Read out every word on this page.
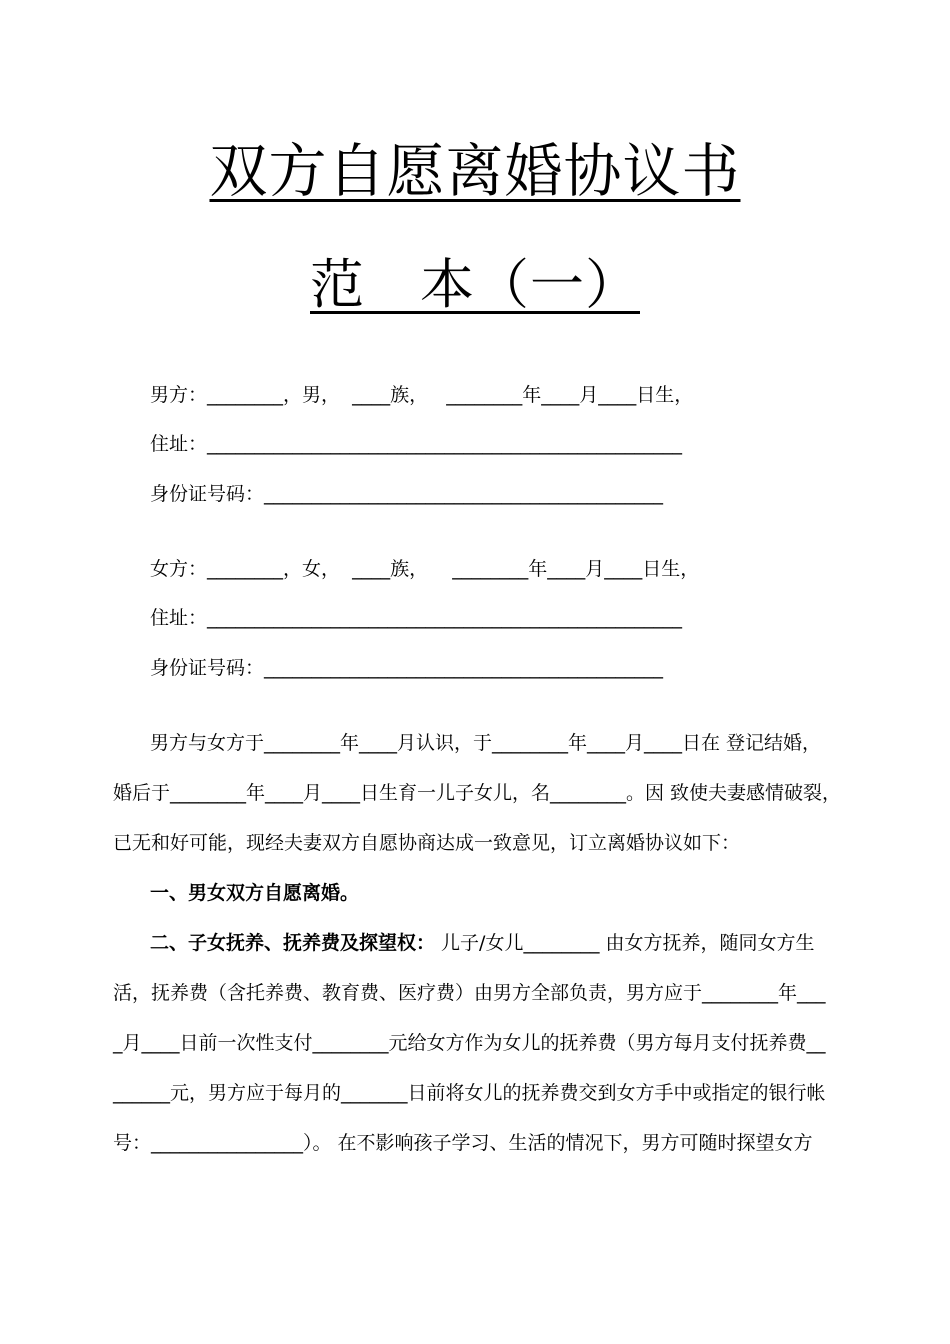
双方自愿离婚协议书
范　本（一）
男方：________，男，  ____族，   ________年____月____日生，
住址：__________________________________________________
身份证号码：__________________________________________
女方：________，女，  ____族，    ________年____月____日生，
住址：__________________________________________________
身份证号码：__________________________________________
男方与女方于________年____月认识，于________年____月____日在 登记结婚，
婚后于________年____月____日生育一儿子女儿，名________。因 致使夫妻感情破裂，
已无和好可能，现经夫妻双方自愿协商达成一致意见，订立离婚协议如下：
一、男女双方自愿离婚。
二、子女抚养、抚养费及探望权： 儿子/女儿________ 由女方抚养，随同女方生
活，抚养费（含托养费、教育费、医疗费）由男方全部负责，男方应于________年___
_月____日前一次性支付________元给女方作为女儿的抚养费（男方每月支付抚养费__
______元，男方应于每月的_______日前将女儿的抚养费交到女方手中或指定的银行帐
号：________________）。 在不影响孩子学习、生活的情况下，男方可随时探望女方
